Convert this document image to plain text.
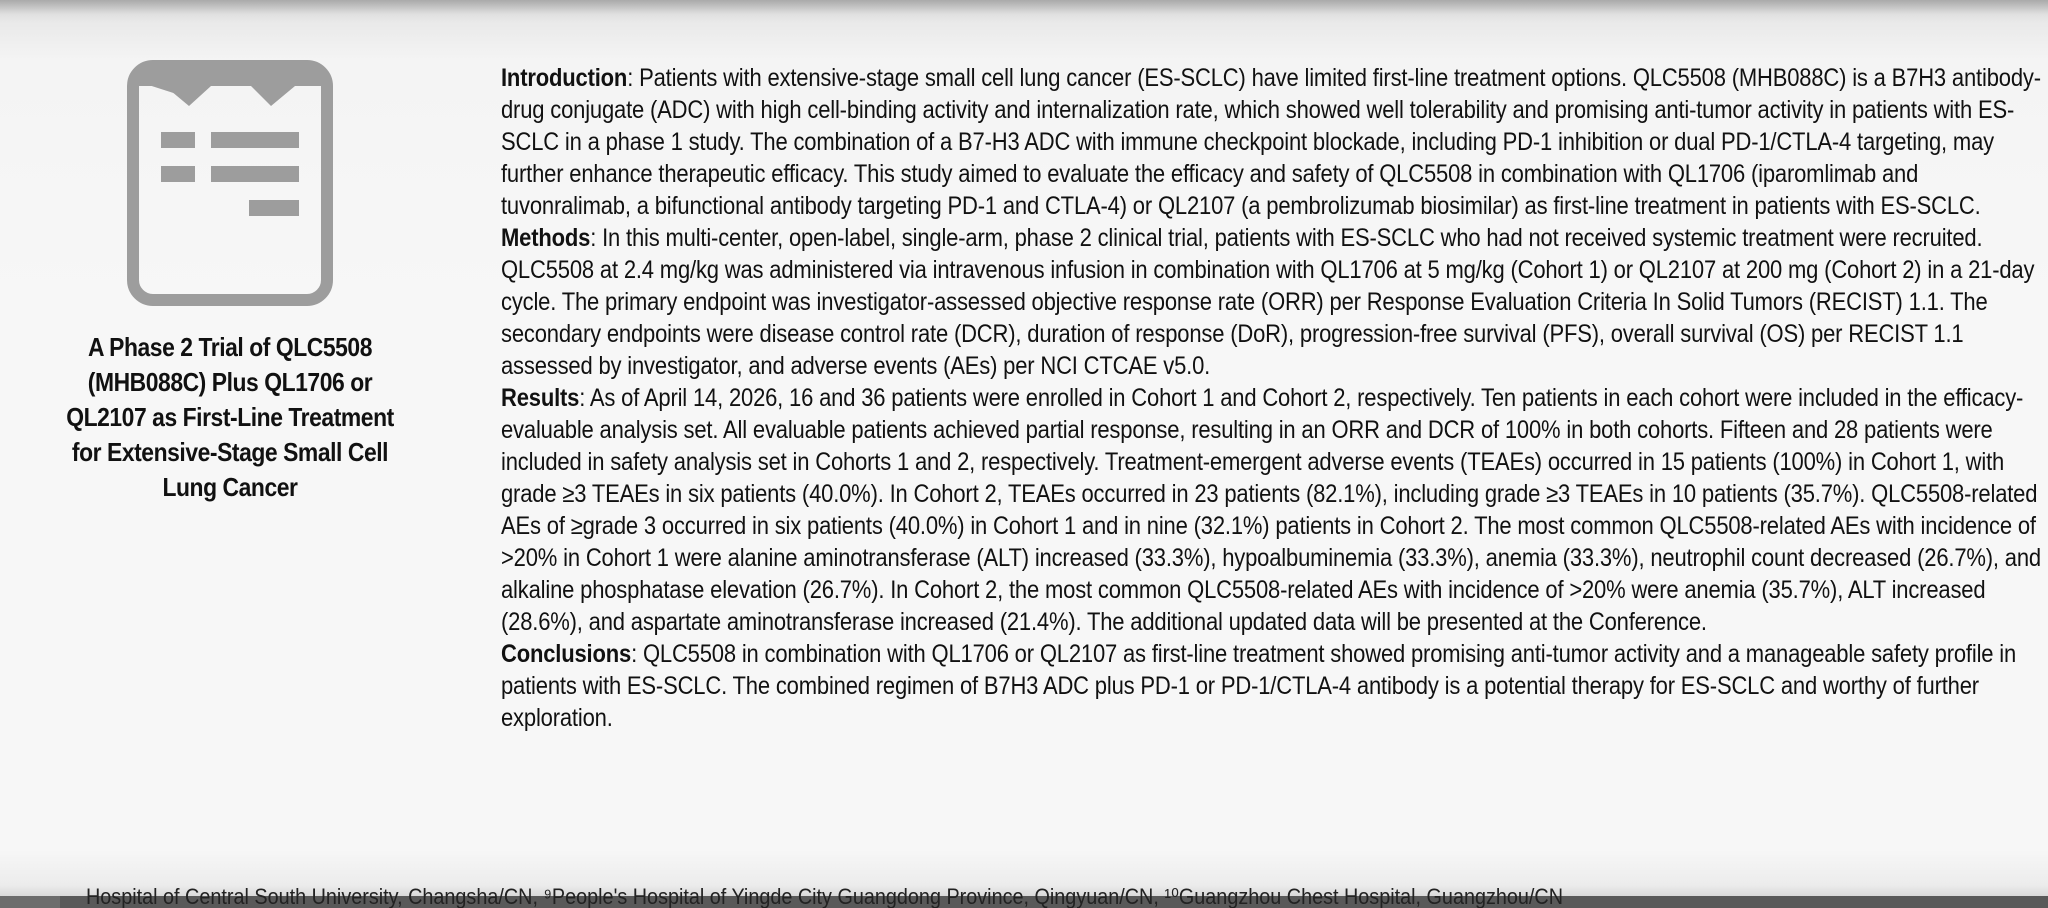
A Phase 2 Trial of QLC5508 (MHB088C) Plus QL1706 or QL2107 as First-Line Treatment for Extensive-Stage Small Cell Lung Cancer

Introduction: Patients with extensive-stage small cell lung cancer (ES-SCLC) have limited first-line treatment options. QLC5508 (MHB088C) is a B7H3 antibody-drug conjugate (ADC) with high cell-binding activity and internalization rate, which showed well tolerability and promising anti-tumor activity in patients with ES-SCLC in a phase 1 study. The combination of a B7-H3 ADC with immune checkpoint blockade, including PD-1 inhibition or dual PD-1/CTLA-4 targeting, may further enhance therapeutic efficacy. This study aimed to evaluate the efficacy and safety of QLC5508 in combination with QL1706 (iparomlimab and tuvonralimab, a bifunctional antibody targeting PD-1 and CTLA-4) or QL2107 (a pembrolizumab biosimilar) as first-line treatment in patients with ES-SCLC.

Methods: In this multi-center, open-label, single-arm, phase 2 clinical trial, patients with ES-SCLC who had not received systemic treatment were recruited. QLC5508 at 2.4 mg/kg was administered via intravenous infusion in combination with QL1706 at 5 mg/kg (Cohort 1) or QL2107 at 200 mg (Cohort 2) in a 21-day cycle. The primary endpoint was investigator-assessed objective response rate (ORR) per Response Evaluation Criteria In Solid Tumors (RECIST) 1.1. The secondary endpoints were disease control rate (DCR), duration of response (DoR), progression-free survival (PFS), overall survival (OS) per RECIST 1.1 assessed by investigator, and adverse events (AEs) per NCI CTCAE v5.0.

Results: As of April 14, 2026, 16 and 36 patients were enrolled in Cohort 1 and Cohort 2, respectively. Ten patients in each cohort were included in the efficacy-evaluable analysis set. All evaluable patients achieved partial response, resulting in an ORR and DCR of 100% in both cohorts. Fifteen and 28 patients were included in safety analysis set in Cohorts 1 and 2, respectively. Treatment-emergent adverse events (TEAEs) occurred in 15 patients (100%) in Cohort 1, with grade ≥3 TEAEs in six patients (40.0%). In Cohort 2, TEAEs occurred in 23 patients (82.1%), including grade ≥3 TEAEs in 10 patients (35.7%). QLC5508-related AEs of ≥grade 3 occurred in six patients (40.0%) in Cohort 1 and in nine (32.1%) patients in Cohort 2. The most common QLC5508-related AEs with incidence of >20% in Cohort 1 were alanine aminotransferase (ALT) increased (33.3%), hypoalbuminemia (33.3%), anemia (33.3%), neutrophil count decreased (26.7%), and alkaline phosphatase elevation (26.7%). In Cohort 2, the most common QLC5508-related AEs with incidence of >20% were anemia (35.7%), ALT increased (28.6%), and aspartate aminotransferase increased (21.4%). The additional updated data will be presented at the Conference.

Conclusions: QLC5508 in combination with QL1706 or QL2107 as first-line treatment showed promising anti-tumor activity and a manageable safety profile in patients with ES-SCLC. The combined regimen of B7H3 ADC plus PD-1 or PD-1/CTLA-4 antibody is a potential therapy for ES-SCLC and worthy of further exploration.

Hospital of Central South University, Changsha/CN, ⁹People's Hospital of Yingde City Guangdong Province, Qingyuan/CN, ¹⁰Guangzhou Chest Hospital, Guangzhou/CN
